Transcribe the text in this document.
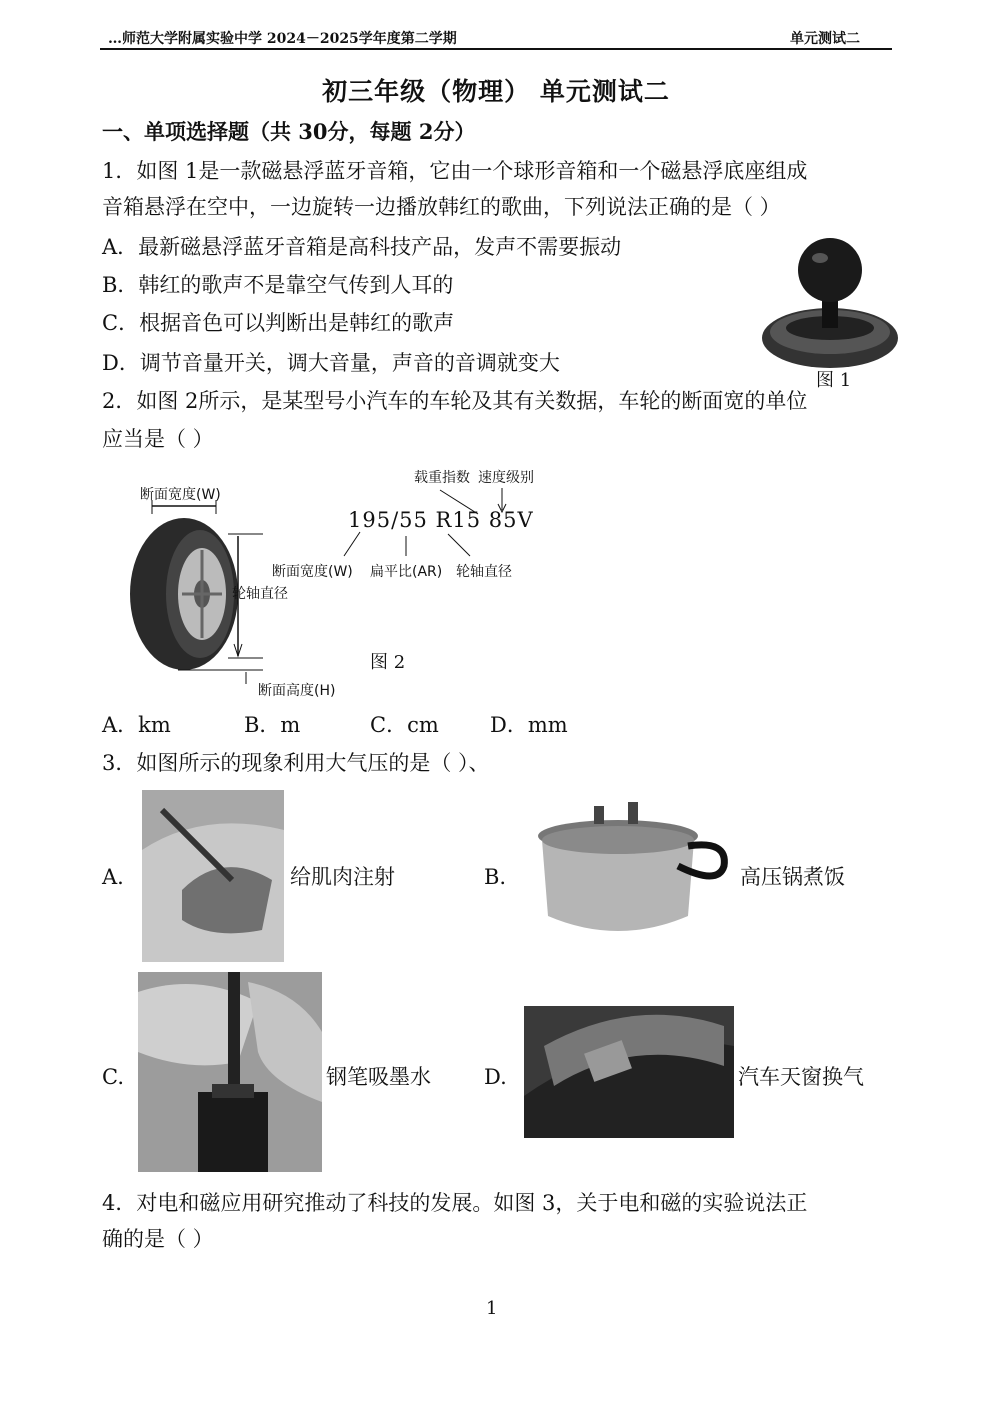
…师范大学附属实验中学 2024－2025学年度第二学期	单元测试二
初三年级（物理） 单元测试二
一、单项选择题（共 30分，每题 2分）
1．如图 1是一款磁悬浮蓝牙音箱，它由一个球形音箱和一个磁悬浮底座组成
音箱悬浮在空中，一边旋转一边播放韩红的歌曲，下列说法正确的是（ ）
A．最新磁悬浮蓝牙音箱是高科技产品，发声不需要振动
B．韩红的歌声不是靠空气传到人耳的
C．根据音色可以判断出是韩红的歌声
D．调节音量开关，调大音量，声音的音调就变大
图 1
2．如图 2所示，是某型号小汽车的车轮及其有关数据，车轮的断面宽的单位
应当是（ ）
断面宽度(W)
轮轴直径
断面高度(H)
载重指数 速度级别
195/55 R15 85V
断面宽度(W) 扁平比(AR) 轮轴直径
图 2
A．km	B．m	C．cm D．mm
3．如图所示的现象利用大气压的是（ ）、
A.	给肌肉注射	B.	高压锅煮饭
C.	钢笔吸墨水	D.	汽车天窗换气
4．对电和磁应用研究推动了科技的发展。如图 3，关于电和磁的实验说法正
确的是（ ）
1
